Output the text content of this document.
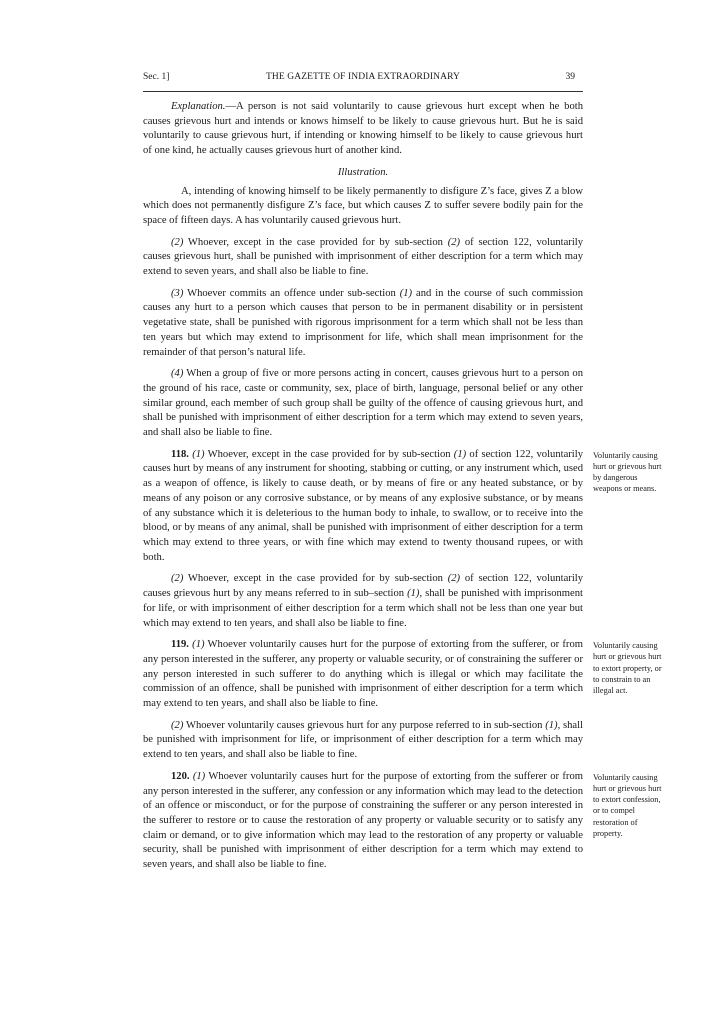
Sec. 1]	THE GAZETTE OF INDIA EXTRAORDINARY	39

Explanation.—A person is not said voluntarily to cause grievous hurt except when he both causes grievous hurt and intends or knows himself to be likely to cause grievous hurt. But he is said voluntarily to cause grievous hurt, if intending or knowing himself to be likely to cause grievous hurt of one kind, he actually causes grievous hurt of another kind.

Illustration.

A, intending of knowing himself to be likely permanently to disfigure Z’s face, gives Z a blow which does not permanently disfigure Z’s face, but which causes Z to suffer severe bodily pain for the space of fifteen days. A has voluntarily caused grievous hurt.

(2) Whoever, except in the case provided for by sub-section (2) of section 122, voluntarily causes grievous hurt, shall be punished with imprisonment of either description for a term which may extend to seven years, and shall also be liable to fine.

(3) Whoever commits an offence under sub-section (1) and in the course of such commission causes any hurt to a person which causes that person to be in permanent disability or in persistent vegetative state, shall be punished with rigorous imprisonment for a term which shall not be less than ten years but which may extend to imprisonment for life, which shall mean imprisonment for the remainder of that person’s natural life.

(4) When a group of five or more persons acting in concert, causes grievous hurt to a person on the ground of his race, caste or community, sex, place of birth, language, personal belief or any other similar ground, each member of such group shall be guilty of the offence of causing grievous hurt, and shall be punished with imprisonment of either description for a term which may extend to seven years, and shall also be liable to fine.

Voluntarily causing hurt or grievous hurt by dangerous weapons or means.

118. (1) Whoever, except in the case provided for by sub-section (1) of section 122, voluntarily causes hurt by means of any instrument for shooting, stabbing or cutting, or any instrument which, used as a weapon of offence, is likely to cause death, or by means of fire or any heated substance, or by means of any poison or any corrosive substance, or by means of any explosive substance, or by means of any substance which it is deleterious to the human body to inhale, to swallow, or to receive into the blood, or by means of any animal, shall be punished with imprisonment of either description for a term which may extend to three years, or with fine which may extend to twenty thousand rupees, or with both.

(2) Whoever, except in the case provided for by sub-section (2) of section 122, voluntarily causes grievous hurt by any means referred to in sub–section (1), shall be punished with imprisonment for life, or with imprisonment of either description for a term which shall not be less than one year but which may extend to ten years, and shall also be liable to fine.

Voluntarily causing hurt or grievous hurt to extort property, or to constrain to an illegal act.

119. (1) Whoever voluntarily causes hurt for the purpose of extorting from the sufferer, or from any person interested in the sufferer, any property or valuable security, or of constraining the sufferer or any person interested in such sufferer to do anything which is illegal or which may facilitate the commission of an offence, shall be punished with imprisonment of either description for a term which may extend to ten years, and shall also be liable to fine.

(2) Whoever voluntarily causes grievous hurt for any purpose referred to in sub-section (1), shall be punished with imprisonment for life, or imprisonment of either description for a term which may extend to ten years, and shall also be liable to fine.

Voluntarily causing hurt or grievous hurt to extort confession, or to compel restoration of property.

120. (1) Whoever voluntarily causes hurt for the purpose of extorting from the sufferer or from any person interested in the sufferer, any confession or any information which may lead to the detection of an offence or misconduct, or for the purpose of constraining the sufferer or any person interested in the sufferer to restore or to cause the restoration of any property or valuable security or to satisfy any claim or demand, or to give information which may lead to the restoration of any property or valuable security, shall be punished with imprisonment of either description for a term which may extend to seven years, and shall also be liable to fine.
